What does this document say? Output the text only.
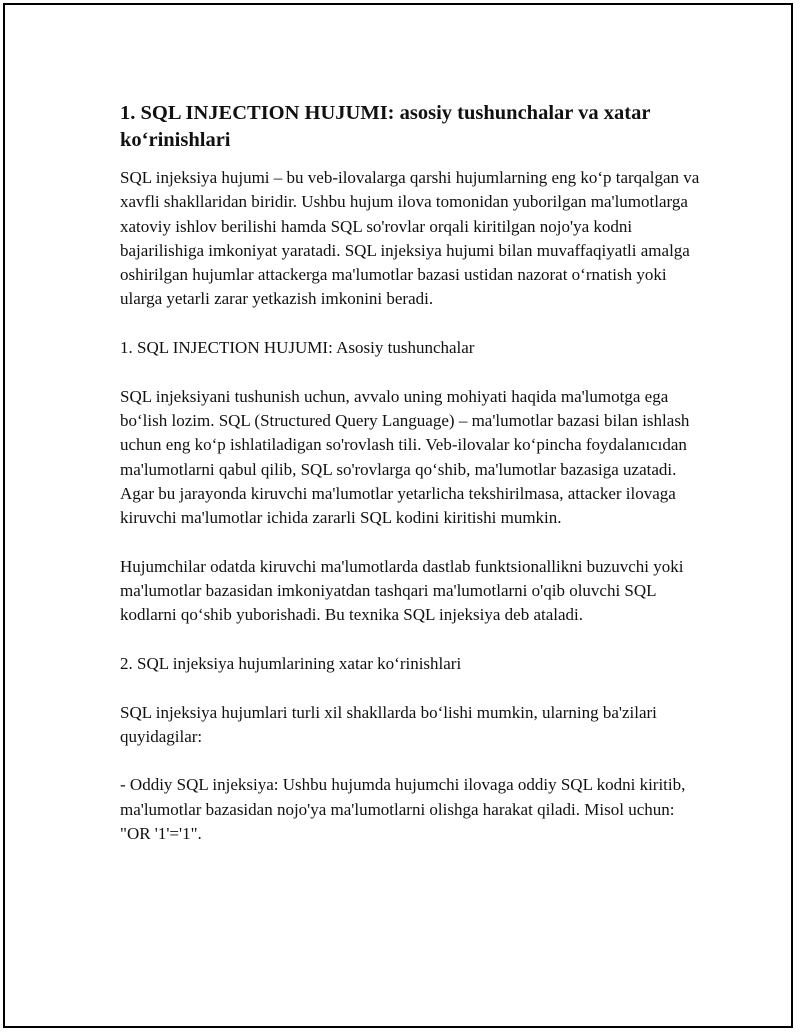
1. SQL INJECTION HUJUMI: asosiy tushunchalar va xatar ko‘rinishlari

SQL injeksiya hujumi – bu veb-ilovalarga qarshi hujumlarning eng ko‘p tarqalgan va xavfli shakllaridan biridir. Ushbu hujum ilova tomonidan yuborilgan ma'lumotlarga xatoviy ishlov berilishi hamda SQL so'rovlar orqali kiritilgan nojo'ya kodni bajarilishiga imkoniyat yaratadi. SQL injeksiya hujumi bilan muvaffaqiyatli amalga oshirilgan hujumlar attackerga ma'lumotlar bazasi ustidan nazorat o‘rnatish yoki ularga yetarli zarar yetkazish imkonini beradi.

1. SQL INJECTION HUJUMI: Asosiy tushunchalar

SQL injeksiyani tushunish uchun, avvalo uning mohiyati haqida ma'lumotga ega bo‘lish lozim. SQL (Structured Query Language) – ma'lumotlar bazasi bilan ishlash uchun eng ko‘p ishlatiladigan so'rovlash tili. Veb-ilovalar ko‘pincha foydalanıcıdan ma'lumotlarni qabul qilib, SQL so'rovlarga qo‘shib, ma'lumotlar bazasiga uzatadi. Agar bu jarayonda kiruvchi ma'lumotlar yetarlicha tekshirilmasa, attacker ilovaga kiruvchi ma'lumotlar ichida zararli SQL kodini kiritishi mumkin.

Hujumchilar odatda kiruvchi ma'lumotlarda dastlab funktsionallikni buzuvchi yoki ma'lumotlar bazasidan imkoniyatdan tashqari ma'lumotlarni o'qib oluvchi SQL kodlarni qo‘shib yuborishadi. Bu texnika SQL injeksiya deb ataladi.

2. SQL injeksiya hujumlarining xatar ko‘rinishlari

SQL injeksiya hujumlari turli xil shakllarda bo‘lishi mumkin, ularning ba'zilari quyidagilar:

- Oddiy SQL injeksiya: Ushbu hujumda hujumchi ilovaga oddiy SQL kodni kiritib, ma'lumotlar bazasidan nojo'ya ma'lumotlarni olishga harakat qiladi. Misol uchun: "OR '1'='1".
